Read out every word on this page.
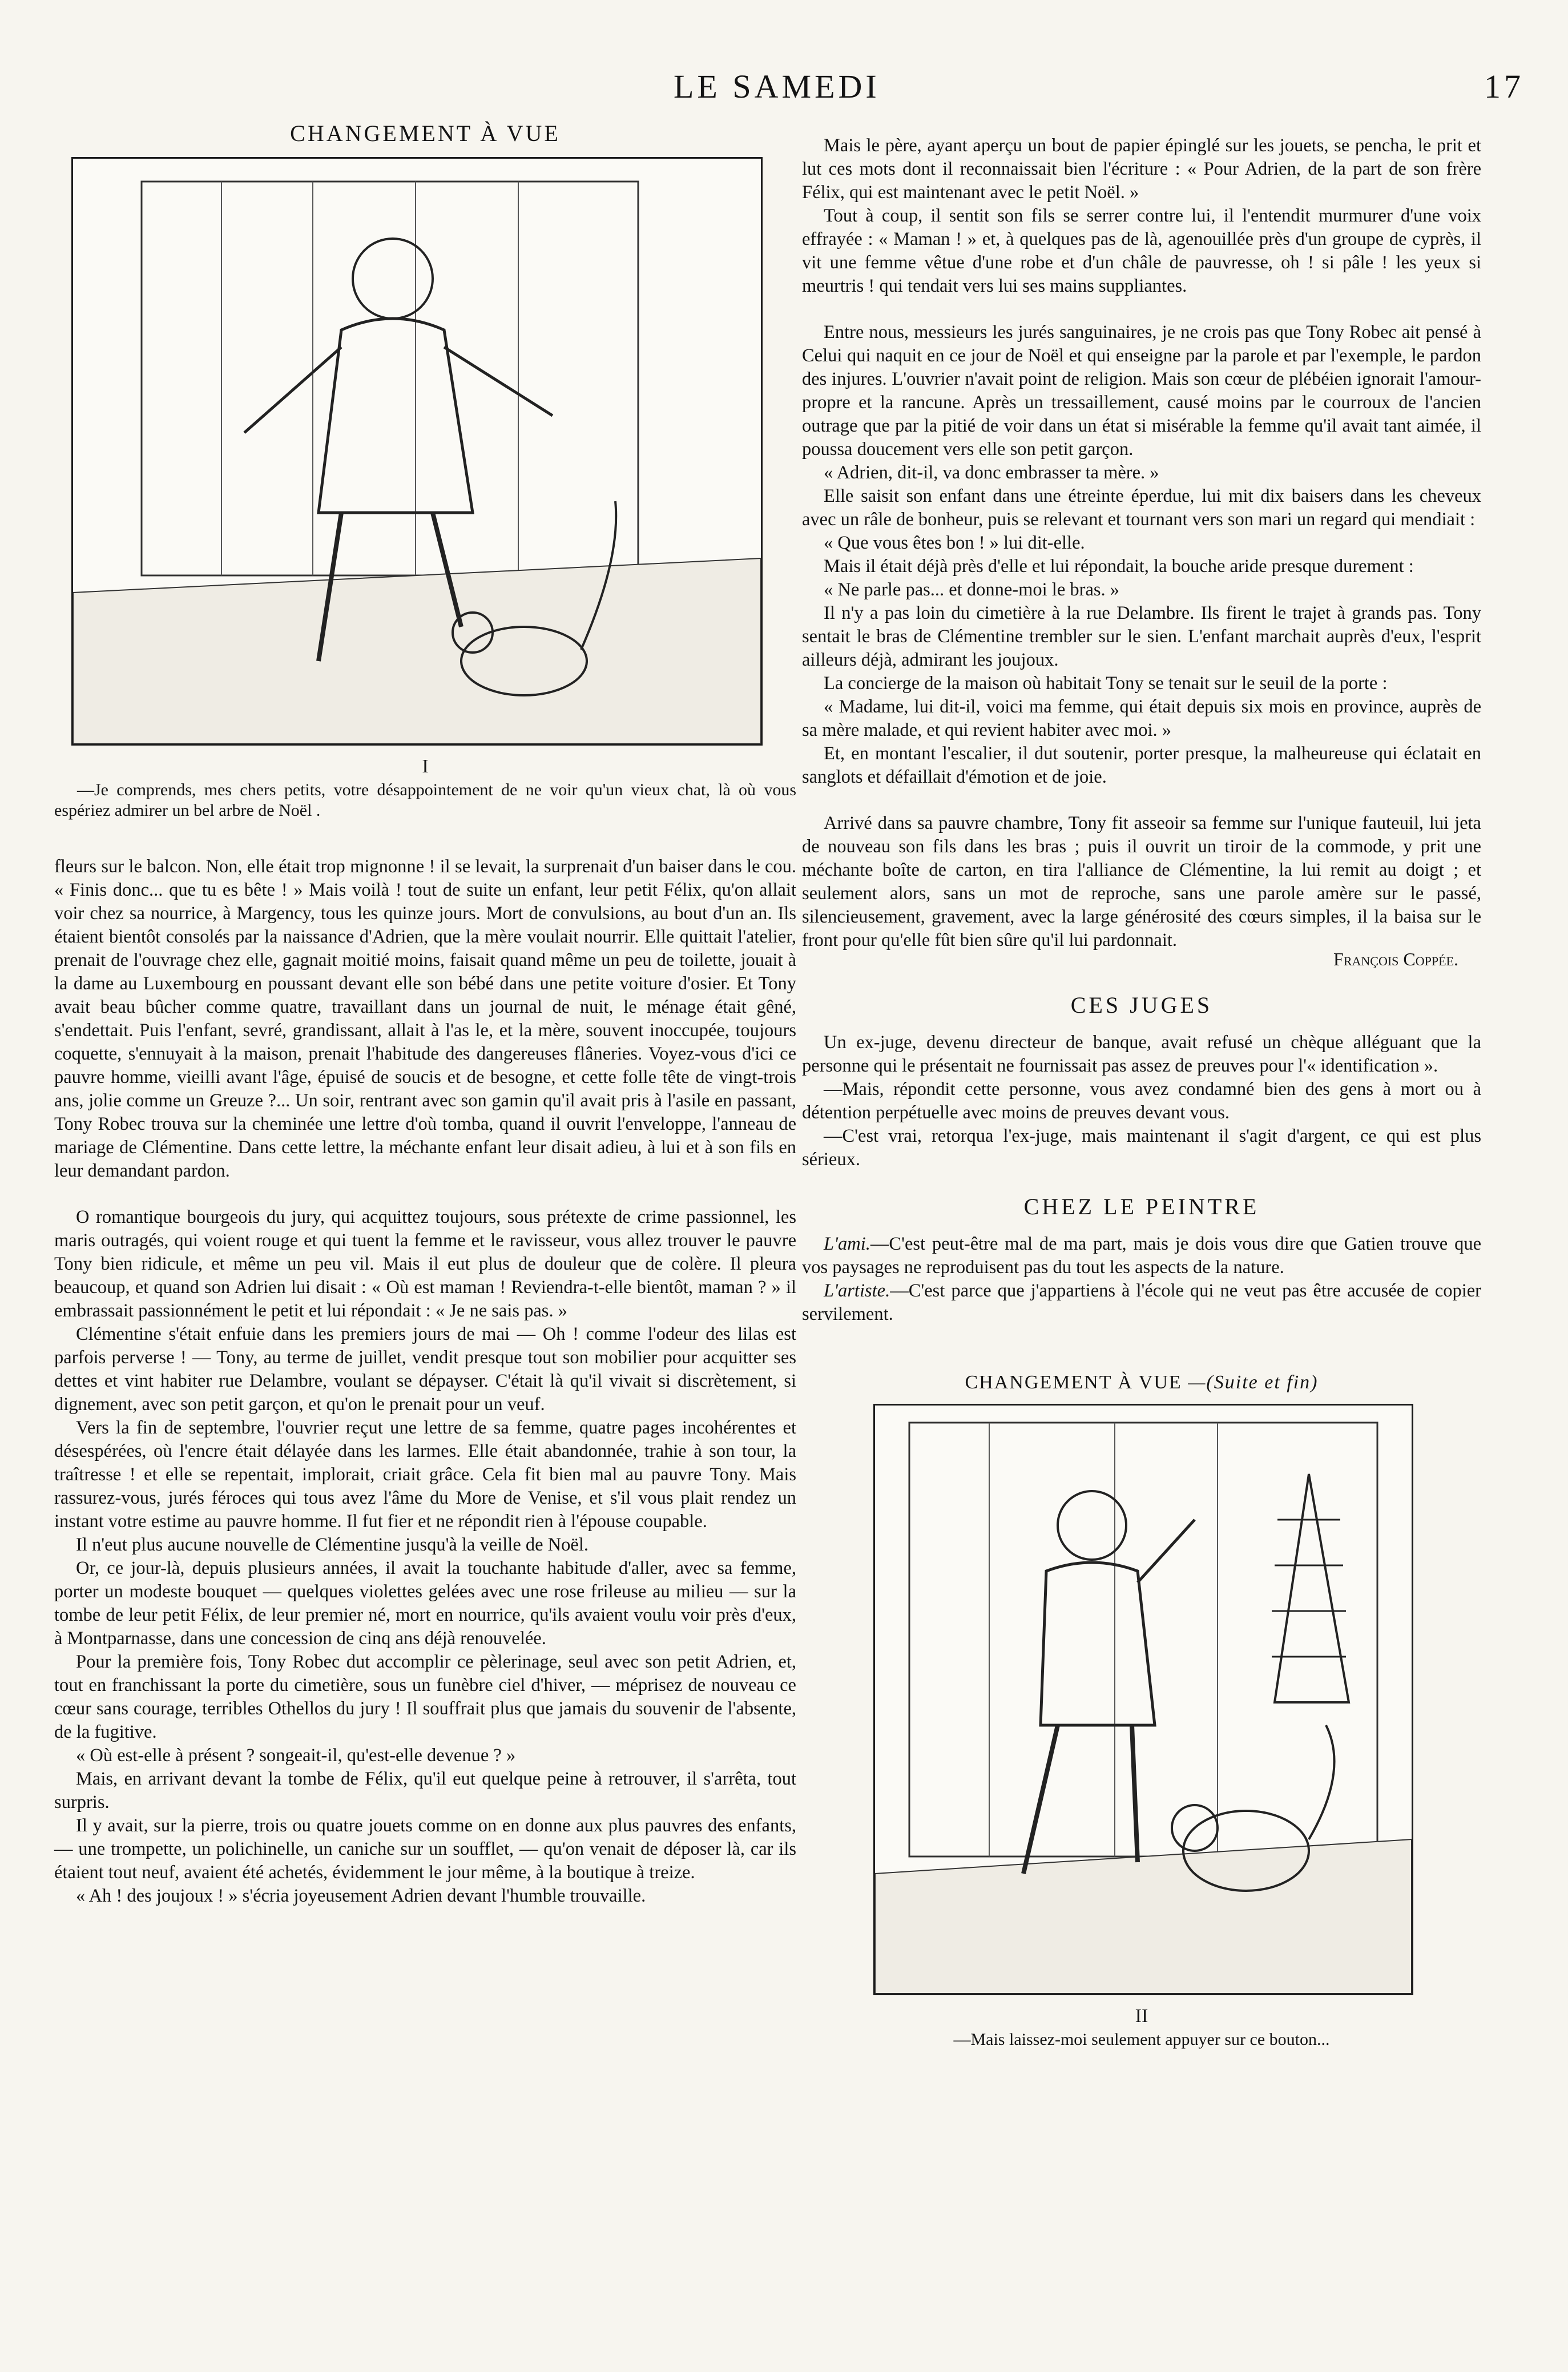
LE SAMEDI	17
CHANGEMENT À VUE
I
—Je comprends, mes chers petits, votre désappointement de ne voir qu'un vieux chat, là où vous espériez admirer un bel arbre de Noël .

fleurs sur le balcon. Non, elle était trop mignonne ! il se levait, la surprenait d'un baiser dans le cou. « Finis donc... que tu es bête ! » Mais voilà ! tout de suite un enfant, leur petit Félix, qu'on allait voir chez sa nourrice, à Margency, tous les quinze jours. Mort de convulsions, au bout d'un an. Ils étaient bientôt consolés par la naissance d'Adrien, que la mère voulait nourrir. Elle quittait l'atelier, prenait de l'ouvrage chez elle, gagnait moitié moins, faisait quand même un peu de toilette, jouait à la dame au Luxembourg en poussant devant elle son bébé dans une petite voiture d'osier. Et Tony avait beau bûcher comme quatre, travaillant dans un journal de nuit, le ménage était gêné, s'endettait. Puis l'enfant, sevré, grandissant, allait à l'as le, et la mère, souvent inoccupée, toujours coquette, s'ennuyait à la maison, prenait l'habitude des dangereuses flâneries. Voyez-vous d'ici ce pauvre homme, vieilli avant l'âge, épuisé de soucis et de besogne, et cette folle tête de vingt-trois ans, jolie comme un Greuze ?... Un soir, rentrant avec son gamin qu'il avait pris à l'asile en passant, Tony Robec trouva sur la cheminée une lettre d'où tomba, quand il ouvrit l'enveloppe, l'anneau de mariage de Clémentine. Dans cette lettre, la méchante enfant leur disait adieu, à lui et à son fils en leur demandant pardon.

O romantique bourgeois du jury, qui acquittez toujours, sous prétexte de crime passionnel, les maris outragés, qui voient rouge et qui tuent la femme et le ravisseur, vous allez trouver le pauvre Tony bien ridicule, et même un peu vil. Mais il eut plus de douleur que de colère. Il pleura beaucoup, et quand son Adrien lui disait : « Où est maman ! Reviendra-t-elle bientôt, maman ? » il embrassait passionnément le petit et lui répondait : « Je ne sais pas. »

Clémentine s'était enfuie dans les premiers jours de mai — Oh ! comme l'odeur des lilas est parfois perverse ! — Tony, au terme de juillet, vendit presque tout son mobilier pour acquitter ses dettes et vint habiter rue Delambre, voulant se dépayser. C'était là qu'il vivait si discrètement, si dignement, avec son petit garçon, et qu'on le prenait pour un veuf.

Vers la fin de septembre, l'ouvrier reçut une lettre de sa femme, quatre pages incohérentes et désespérées, où l'encre était délayée dans les larmes. Elle était abandonnée, trahie à son tour, la traîtresse ! et elle se repentait, implorait, criait grâce. Cela fit bien mal au pauvre Tony. Mais rassurez-vous, jurés féroces qui tous avez l'âme du More de Venise, et s'il vous plait rendez un instant votre estime au pauvre homme. Il fut fier et ne répondit rien à l'épouse coupable.

Il n'eut plus aucune nouvelle de Clémentine jusqu'à la veille de Noël.

Or, ce jour-là, depuis plusieurs années, il avait la touchante habitude d'aller, avec sa femme, porter un modeste bouquet — quelques violettes gelées avec une rose frileuse au milieu — sur la tombe de leur petit Félix, de leur premier né, mort en nourrice, qu'ils avaient voulu voir près d'eux, à Montparnasse, dans une concession de cinq ans déjà renouvelée.

Pour la première fois, Tony Robec dut accomplir ce pèlerinage, seul avec son petit Adrien, et, tout en franchissant la porte du cimetière, sous un funèbre ciel d'hiver, — méprisez de nouveau ce cœur sans courage, terribles Othellos du jury ! Il souffrait plus que jamais du souvenir de l'absente, de la fugitive.

« Où est-elle à présent ? songeait-il, qu'est-elle devenue ? »

Mais, en arrivant devant la tombe de Félix, qu'il eut quelque peine à retrouver, il s'arrêta, tout surpris.

Il y avait, sur la pierre, trois ou quatre jouets comme on en donne aux plus pauvres des enfants, — une trompette, un polichinelle, un caniche sur un soufflet, — qu'on venait de déposer là, car ils étaient tout neuf, avaient été achetés, évidemment le jour même, à la boutique à treize.

« Ah ! des joujoux ! » s'écria joyeusement Adrien devant l'humble trouvaille.

Mais le père, ayant aperçu un bout de papier épinglé sur les jouets, se pencha, le prit et lut ces mots dont il reconnaissait bien l'écriture : « Pour Adrien, de la part de son frère Félix, qui est maintenant avec le petit Noël. »

Tout à coup, il sentit son fils se serrer contre lui, il l'entendit murmurer d'une voix effrayée : « Maman ! » et, à quelques pas de là, agenouillée près d'un groupe de cyprès, il vit une femme vêtue d'une robe et d'un châle de pauvresse, oh ! si pâle ! les yeux si meurtris ! qui tendait vers lui ses mains suppliantes.

Entre nous, messieurs les jurés sanguinaires, je ne crois pas que Tony Robec ait pensé à Celui qui naquit en ce jour de Noël et qui enseigne par la parole et par l'exemple, le pardon des injures. L'ouvrier n'avait point de religion. Mais son cœur de plébéien ignorait l'amour-propre et la rancune. Après un tressaillement, causé moins par le courroux de l'ancien outrage que par la pitié de voir dans un état si misérable la femme qu'il avait tant aimée, il poussa doucement vers elle son petit garçon.

« Adrien, dit-il, va donc embrasser ta mère. »

Elle saisit son enfant dans une étreinte éperdue, lui mit dix baisers dans les cheveux avec un râle de bonheur, puis se relevant et tournant vers son mari un regard qui mendiait :

« Que vous êtes bon ! » lui dit-elle.

Mais il était déjà près d'elle et lui répondait, la bouche aride presque durement :

« Ne parle pas... et donne-moi le bras. »

Il n'y a pas loin du cimetière à la rue Delambre. Ils firent le trajet à grands pas. Tony sentait le bras de Clémentine trembler sur le sien. L'enfant marchait auprès d'eux, l'esprit ailleurs déjà, admirant les joujoux.

La concierge de la maison où habitait Tony se tenait sur le seuil de la porte :

« Madame, lui dit-il, voici ma femme, qui était depuis six mois en province, auprès de sa mère malade, et qui revient habiter avec moi. »

Et, en montant l'escalier, il dut soutenir, porter presque, la malheureuse qui éclatait en sanglots et défaillait d'émotion et de joie.

Arrivé dans sa pauvre chambre, Tony fit asseoir sa femme sur l'unique fauteuil, lui jeta de nouveau son fils dans les bras ; puis il ouvrit un tiroir de la commode, y prit une méchante boîte de carton, en tira l'alliance de Clémentine, la lui remit au doigt ; et seulement alors, sans un mot de reproche, sans une parole amère sur le passé, silencieusement, gravement, avec la large générosité des cœurs simples, il la baisa sur le front pour qu'elle fût bien sûre qu'il lui pardonnait.

François Coppée.
CES JUGES

Un ex-juge, devenu directeur de banque, avait refusé un chèque alléguant que la personne qui le présentait ne fournissait pas assez de preuves pour l'« identification ».

—Mais, répondit cette personne, vous avez condamné bien des gens à mort ou à détention perpétuelle avec moins de preuves devant vous.

—C'est vrai, retorqua l'ex-juge, mais maintenant il s'agit d'argent, ce qui est plus sérieux.

CHEZ LE PEINTRE

L'ami.—C'est peut-être mal de ma part, mais je dois vous dire que Gatien trouve que vos paysages ne reproduisent pas du tout les aspects de la nature.

L'artiste.—C'est parce que j'appartiens à l'école qui ne veut pas être accusée de copier servilement.

CHANGEMENT À VUE —(Suite et fin)
II
—Mais laissez-moi seulement appuyer sur ce bouton...
